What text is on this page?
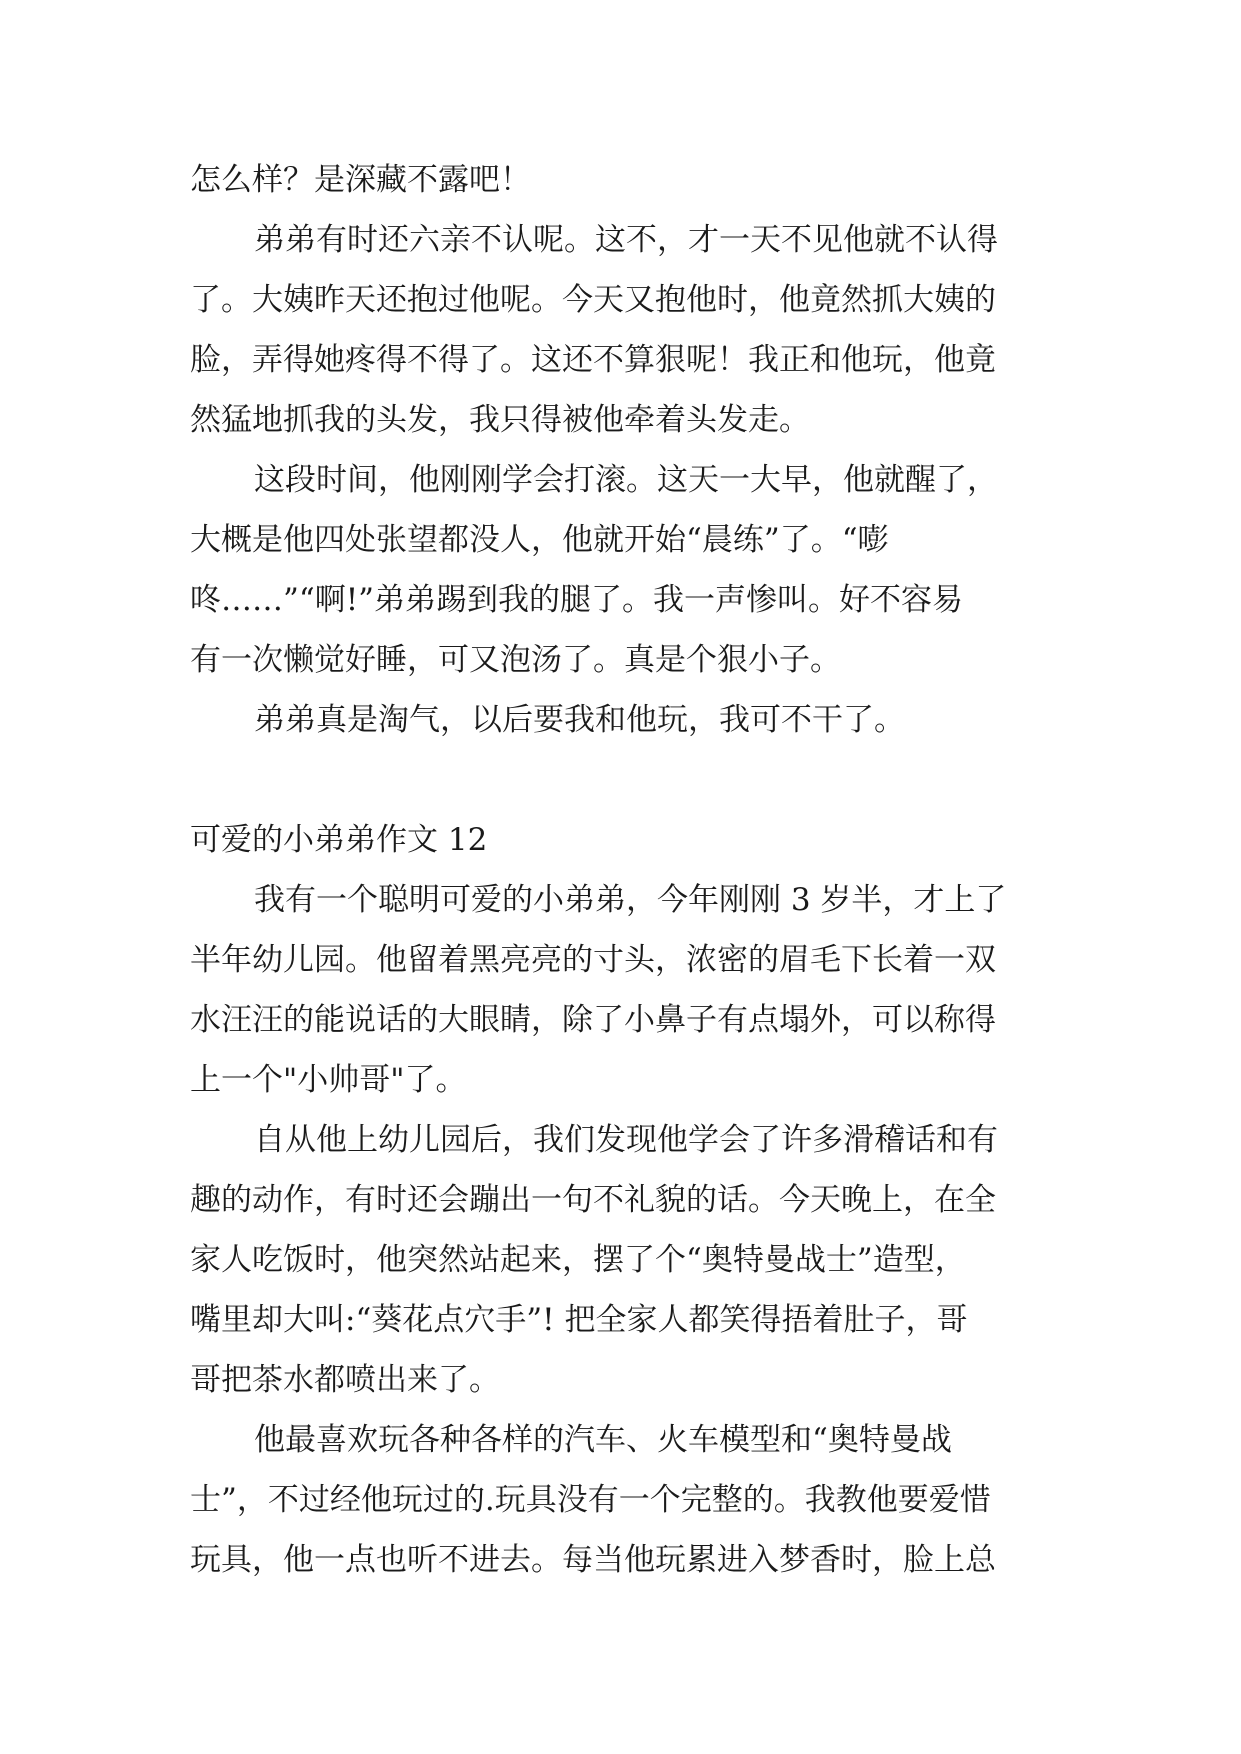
怎么样？是深藏不露吧！
弟弟有时还六亲不认呢。这不，才一天不见他就不认得
了。大姨昨天还抱过他呢。今天又抱他时，他竟然抓大姨的
脸，弄得她疼得不得了。这还不算狠呢！我正和他玩，他竟
然猛地抓我的头发，我只得被他牵着头发走。
这段时间，他刚刚学会打滚。这天一大早，他就醒了，
大概是他四处张望都没人，他就开始“晨练”了。“嘭
咚……”“啊!”弟弟踢到我的腿了。我一声惨叫。好不容易
有一次懒觉好睡，可又泡汤了。真是个狠小子。
弟弟真是淘气，以后要我和他玩，我可不干了。
可爱的小弟弟作文 12
我有一个聪明可爱的小弟弟，今年刚刚 3 岁半，才上了
半年幼儿园。他留着黑亮亮的寸头，浓密的眉毛下长着一双
水汪汪的能说话的大眼睛，除了小鼻子有点塌外，可以称得
上一个"小帅哥"了。
自从他上幼儿园后，我们发现他学会了许多滑稽话和有
趣的动作，有时还会蹦出一句不礼貌的话。今天晚上，在全
家人吃饭时，他突然站起来，摆了个“奥特曼战士”造型，
嘴里却大叫:“葵花点穴手”! 把全家人都笑得捂着肚子，哥
哥把茶水都喷出来了。
他最喜欢玩各种各样的汽车、火车模型和“奥特曼战
士”，不过经他玩过的.玩具没有一个完整的。我教他要爱惜
玩具，他一点也听不进去。每当他玩累进入梦香时，脸上总
